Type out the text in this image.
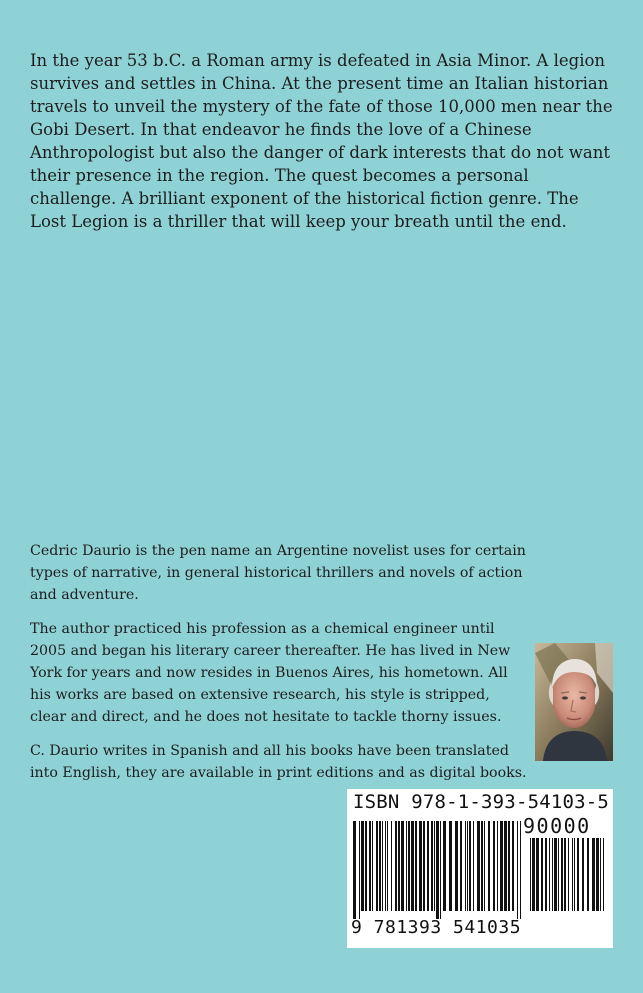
In the year 53 b.C. a Roman army is defeated in Asia Minor. A legion survives and settles in China. At the present time an Italian historian travels to unveil the mystery of the fate of those 10,000 men near the Gobi Desert. In that endeavor he finds the love of a Chinese Anthropologist but also the danger of dark interests that do not want their presence in the region. The quest becomes a personal challenge. A brilliant exponent of the historical fiction genre. The Lost Legion is a thriller that will keep your breath until the end.

Cedric Daurio is the pen name an Argentine novelist uses for certain types of narrative, in general historical thrillers and novels of action and adventure.

The author practiced his profession as a chemical engineer until 2005 and began his literary career thereafter. He has lived in New York for years and now resides in Buenos Aires, his hometown. All his works are based on extensive research, his style is stripped, clear and direct, and he does not hesitate to tackle thorny issues.

C. Daurio writes in Spanish and all his books have been translated into English, they are available in print editions and as digital books.

ISBN 978-1-393-54103-5
90000
9 781393 541035
